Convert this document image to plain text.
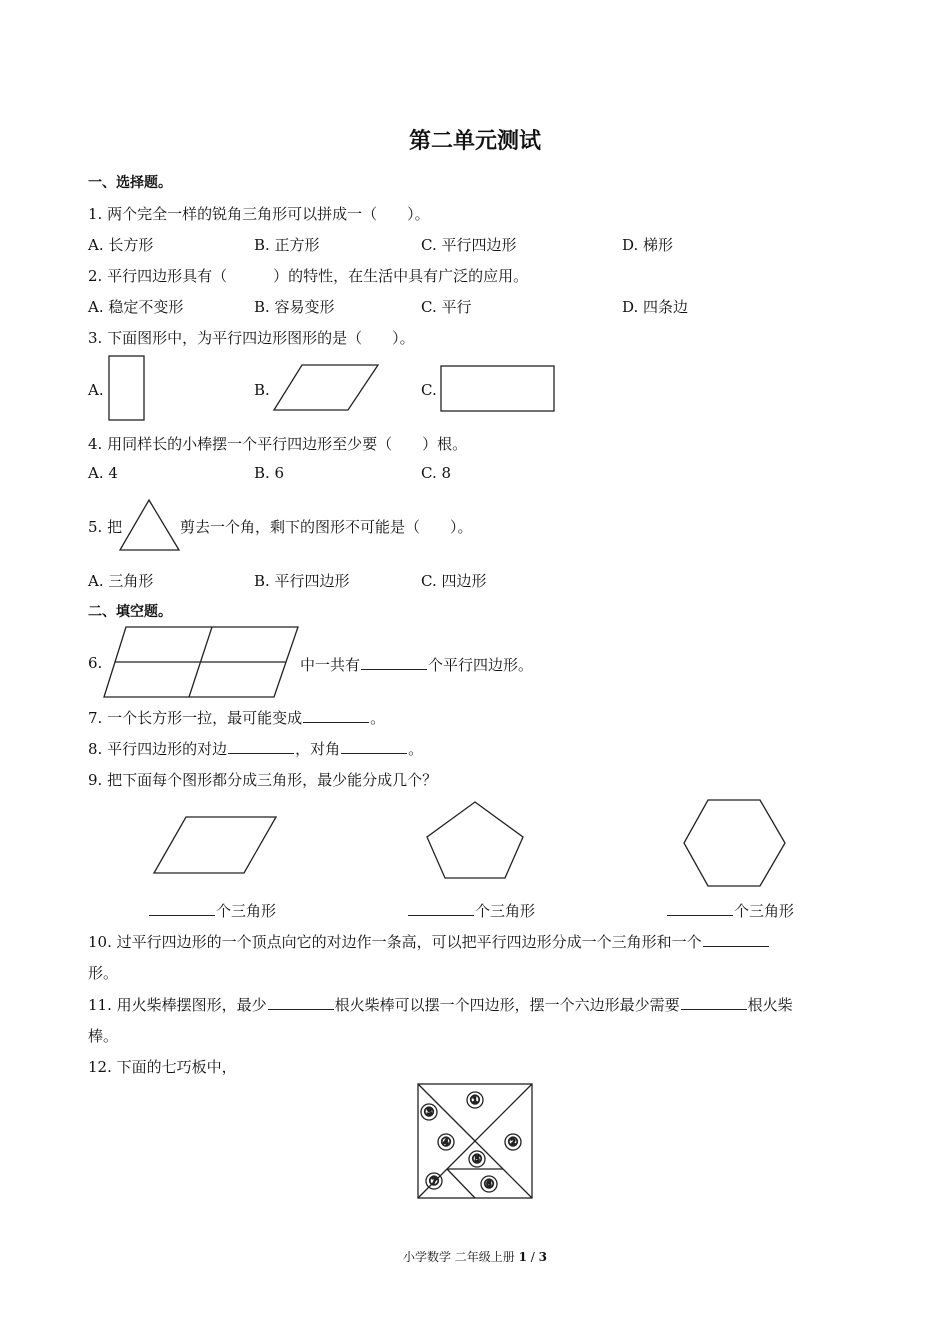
第二单元测试
一、选择题。
1. 两个完全一样的锐角三角形可以拼成一（　　）。
A. 长方形	B. 正方形	C. 平行四边形	D. 梯形
2. 平行四边形具有（	）的特性，在生活中具有广泛的应用。
A. 稳定不变形	B. 容易变形	C. 平行	D. 四条边
3. 下面图形中，为平行四边形图形的是（　　）。
A.	B.	C.
4. 用同样长的小棒摆一个平行四边形至少要（　　）根。
A. 4	B. 6	C. 8
5. 把	剪去一个角，剩下的图形不可能是（　　）。
A. 三角形	B. 平行四边形	C. 四边形
二、填空题。
6.	中一共有	个平行四边形。
7. 一个长方形一拉，最可能变成	。
8. 平行四边形的对边	，对角	。
9. 把下面每个图形都分成三角形，最少能分成几个？
个三角形	个三角形	个三角形
10. 过平行四边形的一个顶点向它的对边作一条高，可以把平行四边形分成一个三角形和一个
形。
11. 用火柴棒摆图形，最少	根火柴棒可以摆一个四边形，摆一个六边形最少需要	根火柴
棒。
12. 下面的七巧板中，
①
②
③
④
⑤
⑥
⑦
小学数学 二年级上册 1 / 3
